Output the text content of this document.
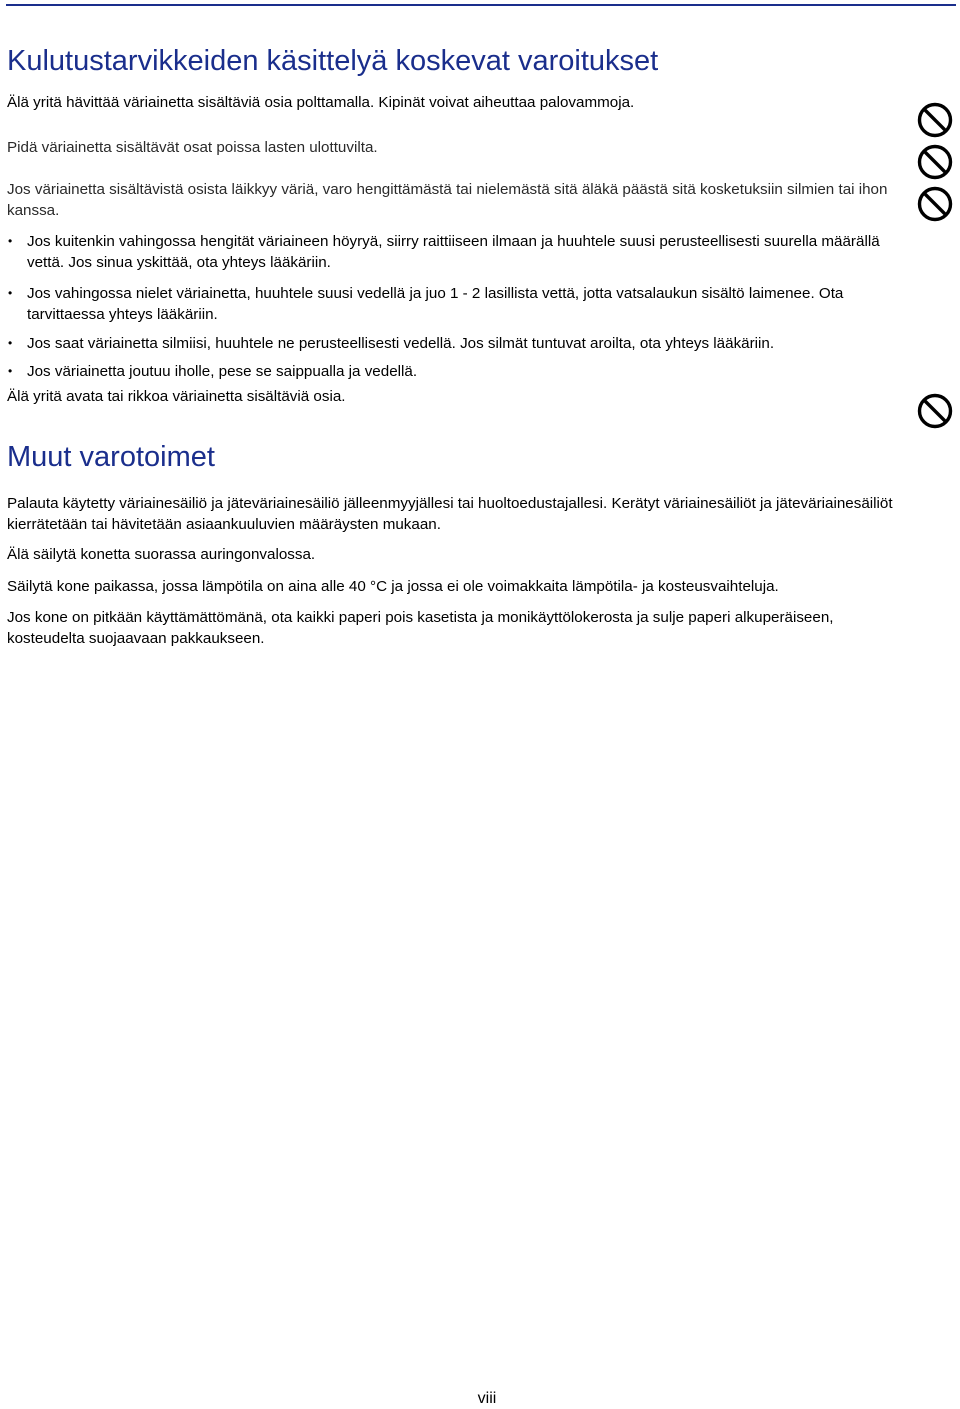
Kulutustarvikkeiden käsittelyä koskevat varoitukset

Älä yritä hävittää väriainetta sisältäviä osia polttamalla. Kipinät voivat aiheuttaa palovammoja.

Pidä väriainetta sisältävät osat poissa lasten ulottuvilta.

Jos väriainetta sisältävistä osista läikkyy väriä, varo hengittämästä tai nielemästä sitä äläkä päästä sitä kosketuksiin silmien tai ihon kanssa.

• Jos kuitenkin vahingossa hengität väriaineen höyryä, siirry raittiiseen ilmaan ja huuhtele suusi perusteellisesti suurella määrällä vettä. Jos sinua yskittää, ota yhteys lääkäriin.
• Jos vahingossa nielet väriainetta, huuhtele suusi vedellä ja juo 1 - 2 lasillista vettä, jotta vatsalaukun sisältö laimenee. Ota tarvittaessa yhteys lääkäriin.
• Jos saat väriainetta silmiisi, huuhtele ne perusteellisesti vedellä. Jos silmät tuntuvat aroilta, ota yhteys lääkäriin.
• Jos väriainetta joutuu iholle, pese se saippualla ja vedellä.

Älä yritä avata tai rikkoa väriainetta sisältäviä osia.

Muut varotoimet

Palauta käytetty väriainesäiliö ja jäteväriainesäiliö jälleenmyyjällesi tai huoltoedustajallesi. Kerätyt väriainesäiliöt ja jäteväriainesäiliöt kierrätetään tai hävitetään asiaankuuluvien määräysten mukaan.

Älä säilytä konetta suorassa auringonvalossa.

Säilytä kone paikassa, jossa lämpötila on aina alle 40 °C ja jossa ei ole voimakkaita lämpötila- ja kosteusvaihteluja.

Jos kone on pitkään käyttämättömänä, ota kaikki paperi pois kasetista ja monikäyttölokerosta ja sulje paperi alkuperäiseen, kosteudelta suojaavaan pakkaukseen.

viii
